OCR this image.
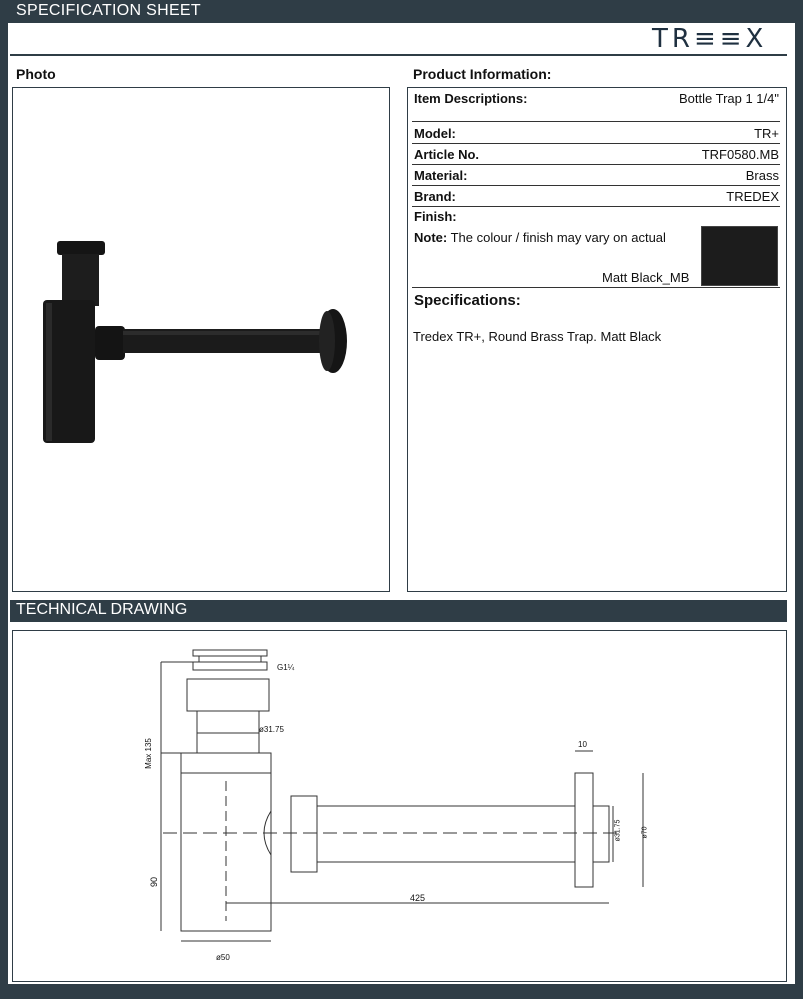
SPECIFICATION SHEET
TR≡≡X
Photo	Product Information:
Item Descriptions:	Bottle Trap 1 1/4"
Model:	TR+
Article No.	TRF0580.MB
Material:	Brass
Brand:	TREDEX
Finish:
Note: The colour / finish may vary on actual
Matt Black_MB
Specifications:
Tredex TR+, Round Brass Trap. Matt Black
TECHNICAL DRAWING
G1¼
ø31.75
Max 135
90
425
10
ø31.75	ø70
ø50
